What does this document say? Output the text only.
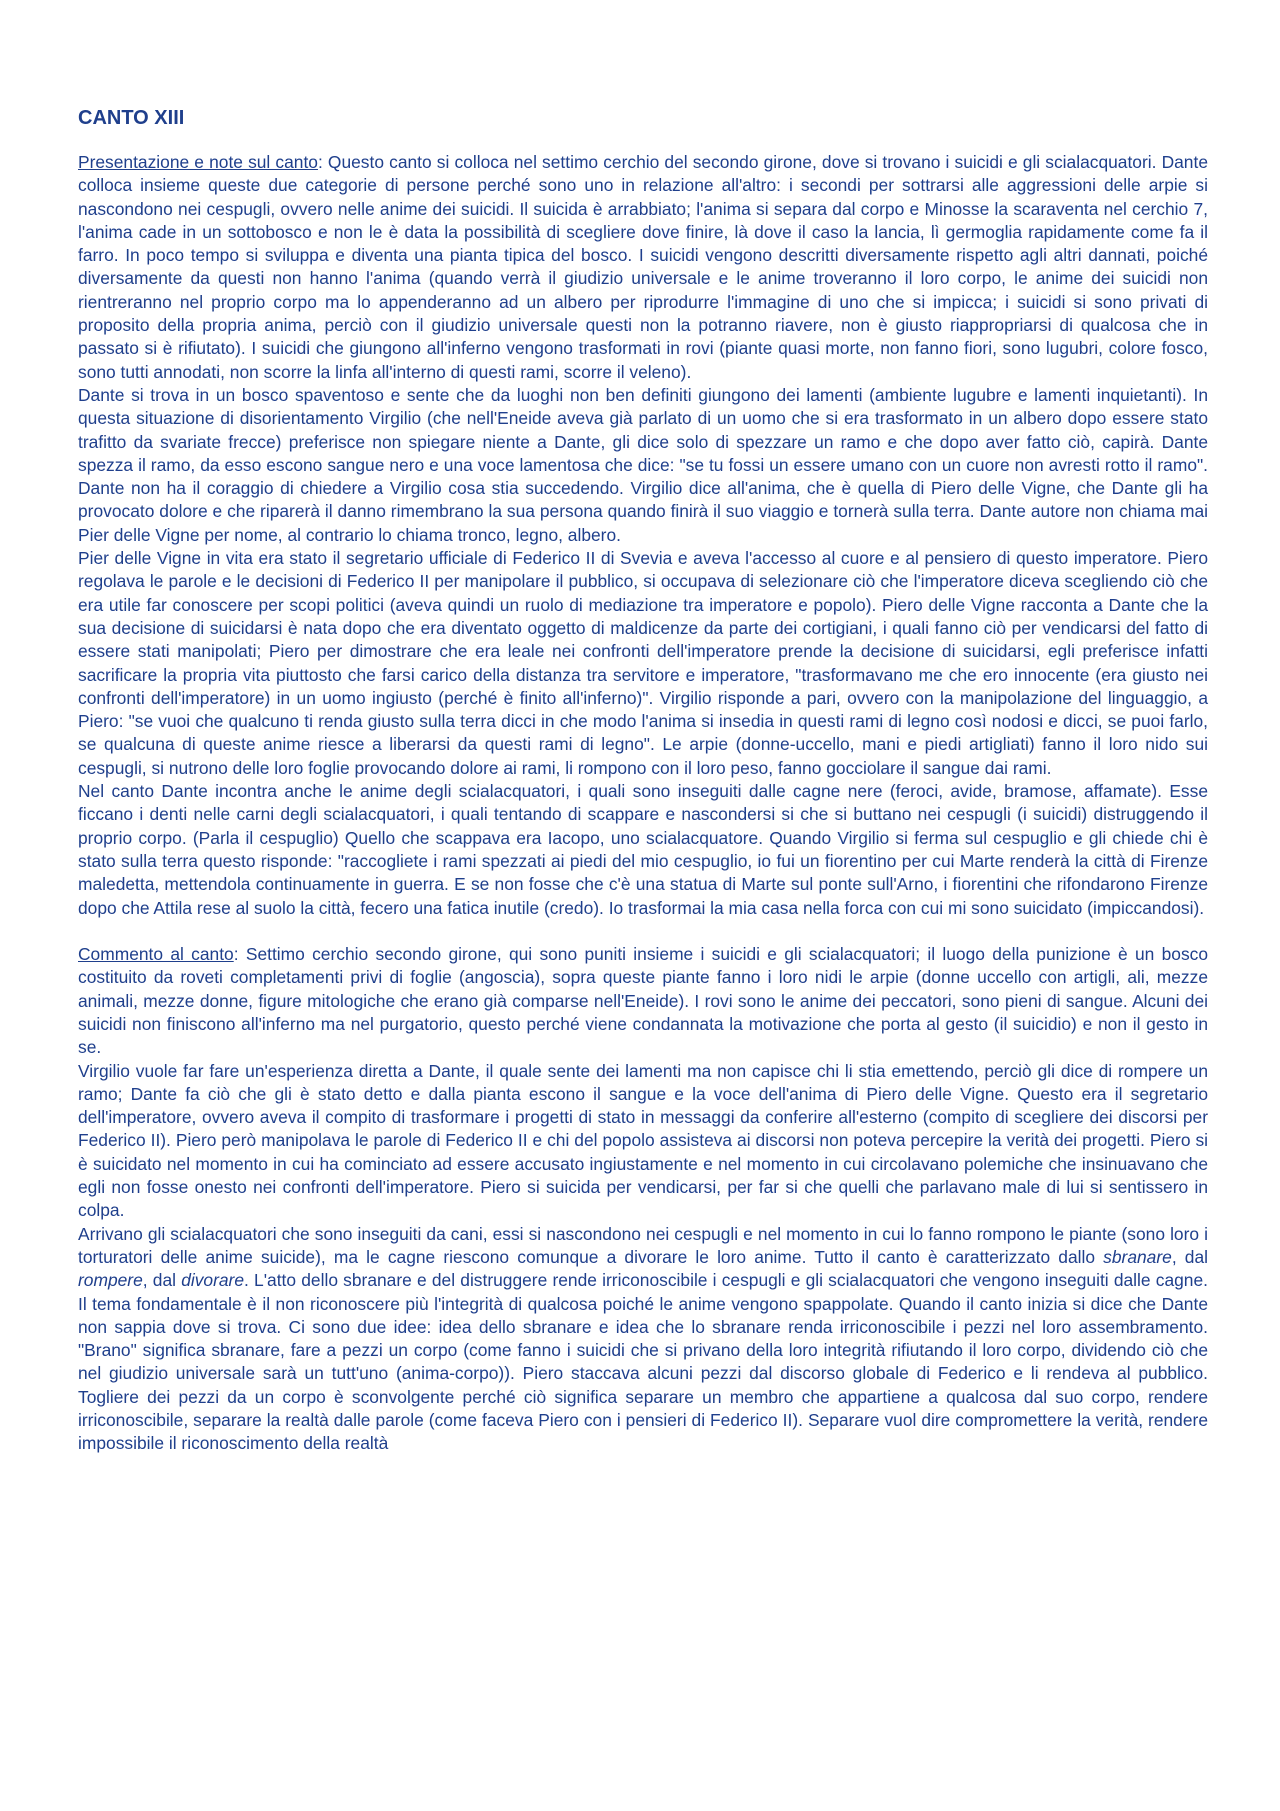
CANTO XIII

Presentazione e note sul canto: Questo canto si colloca nel settimo cerchio del secondo girone, dove si trovano i suicidi e gli scialacquatori. Dante colloca insieme queste due categorie di persone perché sono uno in relazione all'altro: i secondi per sottrarsi alle aggressioni delle arpie si nascondono nei cespugli, ovvero nelle anime dei suicidi. Il suicida è arrabbiato; l'anima si separa dal corpo e Minosse la scaraventa nel cerchio 7, l'anima cade in un sottobosco e non le è data la possibilità di scegliere dove finire, là dove il caso la lancia, lì germoglia rapidamente come fa il farro. In poco tempo si sviluppa e diventa una pianta tipica del bosco. I suicidi vengono descritti diversamente rispetto agli altri dannati, poiché diversamente da questi non hanno l'anima (quando verrà il giudizio universale e le anime troveranno il loro corpo, le anime dei suicidi non rientreranno nel proprio corpo ma lo appenderanno ad un albero per riprodurre l'immagine di uno che si impicca; i suicidi si sono privati di proposito della propria anima, perciò con il giudizio universale questi non la potranno riavere, non è giusto riappropriarsi di qualcosa che in passato si è rifiutato). I suicidi che giungono all'inferno vengono trasformati in rovi (piante quasi morte, non fanno fiori, sono lugubri, colore fosco, sono tutti annodati, non scorre la linfa all'interno di questi rami, scorre il veleno).

Dante si trova in un bosco spaventoso e sente che da luoghi non ben definiti giungono dei lamenti (ambiente lugubre e lamenti inquietanti). In questa situazione di disorientamento Virgilio (che nell'Eneide aveva già parlato di un uomo che si era trasformato in un albero dopo essere stato trafitto da svariate frecce) preferisce non spiegare niente a Dante, gli dice solo di spezzare un ramo e che dopo aver fatto ciò, capirà. Dante spezza il ramo, da esso escono sangue nero e una voce lamentosa che dice: "se tu fossi un essere umano con un cuore non avresti rotto il ramo". Dante non ha il coraggio di chiedere a Virgilio cosa stia succedendo. Virgilio dice all'anima, che è quella di Piero delle Vigne, che Dante gli ha provocato dolore e che riparerà il danno rimembrano la sua persona quando finirà il suo viaggio e tornerà sulla terra. Dante autore non chiama mai Pier delle Vigne per nome, al contrario lo chiama tronco, legno, albero.

Pier delle Vigne in vita era stato il segretario ufficiale di Federico II di Svevia e aveva l'accesso al cuore e al pensiero di questo imperatore. Piero regolava le parole e le decisioni di Federico II per manipolare il pubblico, si occupava di selezionare ciò che l'imperatore diceva scegliendo ciò che era utile far conoscere per scopi politici (aveva quindi un ruolo di mediazione tra imperatore e popolo). Piero delle Vigne racconta a Dante che la sua decisione di suicidarsi è nata dopo che era diventato oggetto di maldicenze da parte dei cortigiani, i quali fanno ciò per vendicarsi del fatto di essere stati manipolati; Piero per dimostrare che era leale nei confronti dell'imperatore prende la decisione di suicidarsi, egli preferisce infatti sacrificare la propria vita piuttosto che farsi carico della distanza tra servitore e imperatore, "trasformavano me che ero innocente (era giusto nei confronti dell'imperatore) in un uomo ingiusto (perché è finito all'inferno)". Virgilio risponde a pari, ovvero con la manipolazione del linguaggio, a Piero: "se vuoi che qualcuno ti renda giusto sulla terra dicci in che modo l'anima si insedia in questi rami di legno così nodosi e dicci, se puoi farlo, se qualcuna di queste anime riesce a liberarsi da questi rami di legno". Le arpie (donne-uccello, mani e piedi artigliati) fanno il loro nido sui cespugli, si nutrono delle loro foglie provocando dolore ai rami, li rompono con il loro peso, fanno gocciolare il sangue dai rami.

Nel canto Dante incontra anche le anime degli scialacquatori, i quali sono inseguiti dalle cagne nere (feroci, avide, bramose, affamate). Esse ficcano i denti nelle carni degli scialacquatori, i quali tentando di scappare e nascondersi si che si buttano nei cespugli (i suicidi) distruggendo il proprio corpo. (Parla il cespuglio) Quello che scappava era Iacopo, uno scialacquatore. Quando Virgilio si ferma sul cespuglio e gli chiede chi è stato sulla terra questo risponde: "raccogliete i rami spezzati ai piedi del mio cespuglio, io fui un fiorentino per cui Marte renderà la città di Firenze maledetta, mettendola continuamente in guerra. E se non fosse che c'è una statua di Marte sul ponte sull'Arno, i fiorentini che rifondarono Firenze dopo che Attila rese al suolo la città, fecero una fatica inutile (credo). Io trasformai la mia casa nella forca con cui mi sono suicidato (impiccandosi).

Commento al canto: Settimo cerchio secondo girone, qui sono puniti insieme i suicidi e gli scialacquatori; il luogo della punizione è un bosco costituito da roveti completamenti privi di foglie (angoscia), sopra queste piante fanno i loro nidi le arpie (donne uccello con artigli, ali, mezze animali, mezze donne, figure mitologiche che erano già comparse nell'Eneide). I rovi sono le anime dei peccatori, sono pieni di sangue. Alcuni dei suicidi non finiscono all'inferno ma nel purgatorio, questo perché viene condannata la motivazione che porta al gesto (il suicidio) e non il gesto in se.

Virgilio vuole far fare un'esperienza diretta a Dante, il quale sente dei lamenti ma non capisce chi li stia emettendo, perciò gli dice di rompere un ramo; Dante fa ciò che gli è stato detto e dalla pianta escono il sangue e la voce dell'anima di Piero delle Vigne. Questo era il segretario dell'imperatore, ovvero aveva il compito di trasformare i progetti di stato in messaggi da conferire all'esterno (compito di scegliere dei discorsi per Federico II). Piero però manipolava le parole di Federico II e chi del popolo assisteva ai discorsi non poteva percepire la verità dei progetti. Piero si è suicidato nel momento in cui ha cominciato ad essere accusato ingiustamente e nel momento in cui circolavano polemiche che insinuavano che egli non fosse onesto nei confronti dell'imperatore. Piero si suicida per vendicarsi, per far si che quelli che parlavano male di lui si sentissero in colpa.

Arrivano gli scialacquatori che sono inseguiti da cani, essi si nascondono nei cespugli e nel momento in cui lo fanno rompono le piante (sono loro i torturatori delle anime suicide), ma le cagne riescono comunque a divorare le loro anime. Tutto il canto è caratterizzato dallo sbranare, dal rompere, dal divorare. L'atto dello sbranare e del distruggere rende irriconoscibile i cespugli e gli scialacquatori che vengono inseguiti dalle cagne. Il tema fondamentale è il non riconoscere più l'integrità di qualcosa poiché le anime vengono spappolate. Quando il canto inizia si dice che Dante non sappia dove si trova. Ci sono due idee: idea dello sbranare e idea che lo sbranare renda irriconoscibile i pezzi nel loro assembramento. "Brano" significa sbranare, fare a pezzi un corpo (come fanno i suicidi che si privano della loro integrità rifiutando il loro corpo, dividendo ciò che nel giudizio universale sarà un tutt'uno (anima-corpo)). Piero staccava alcuni pezzi dal discorso globale di Federico e li rendeva al pubblico. Togliere dei pezzi da un corpo è sconvolgente perché ciò significa separare un membro che appartiene a qualcosa dal suo corpo, rendere irriconoscibile, separare la realtà dalle parole (come faceva Piero con i pensieri di Federico II). Separare vuol dire compromettere la verità, rendere impossibile il riconoscimento della realtà
